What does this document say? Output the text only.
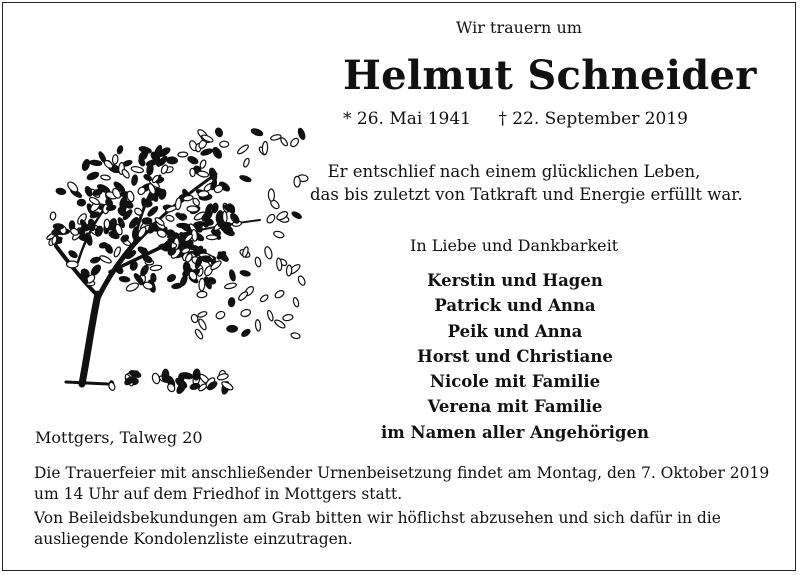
Wir trauern um
Helmut Schneider
* 26. Mai 1941 † 22. September 2019
Er entschlief nach einem glücklichen Leben,
das bis zuletzt von Tatkraft und Energie erfüllt war.
In Liebe und Dankbarkeit
Kerstin und Hagen
Patrick und Anna
Peik und Anna
Horst und Christiane
Nicole mit Familie
Verena mit Familie
im Namen aller Angehörigen
Mottgers, Talweg 20

Die Trauerfeier mit anschließender Urnenbeisetzung findet am Montag, den 7. Oktober 2019 um 14 Uhr auf dem Friedhof in Mottgers statt.

Von Beileidsbekundungen am Grab bitten wir höflichst abzusehen und sich dafür in die ausliegende Kondolenzliste einzutragen.
